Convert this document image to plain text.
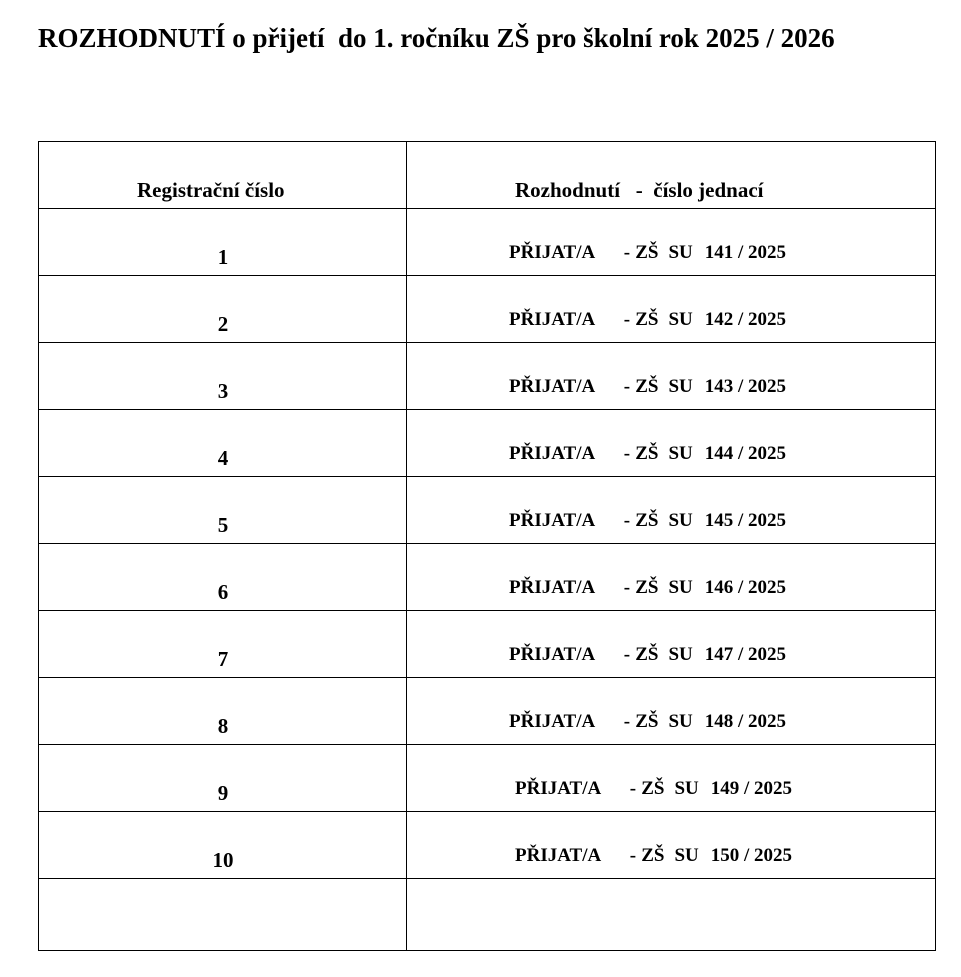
ROZHODNUTÍ o přijetí  do 1. ročníku ZŠ pro školní rok 2025 / 2026
Registrační číslo	Rozhodnutí   -  číslo jednací
1	PŘIJAT/A      - ZŠ SU 141 / 2025
2	PŘIJAT/A      - ZŠ SU 142 / 2025
3	PŘIJAT/A      - ZŠ SU 143 / 2025
4	PŘIJAT/A      - ZŠ SU 144 / 2025
5	PŘIJAT/A      - ZŠ SU 145 / 2025
6	PŘIJAT/A      - ZŠ SU 146 / 2025
7	PŘIJAT/A      - ZŠ SU 147 / 2025
8	PŘIJAT/A      - ZŠ SU 148 / 2025
9	PŘIJAT/A      - ZŠ SU 149 / 2025
10	PŘIJAT/A      - ZŠ SU 150 / 2025
